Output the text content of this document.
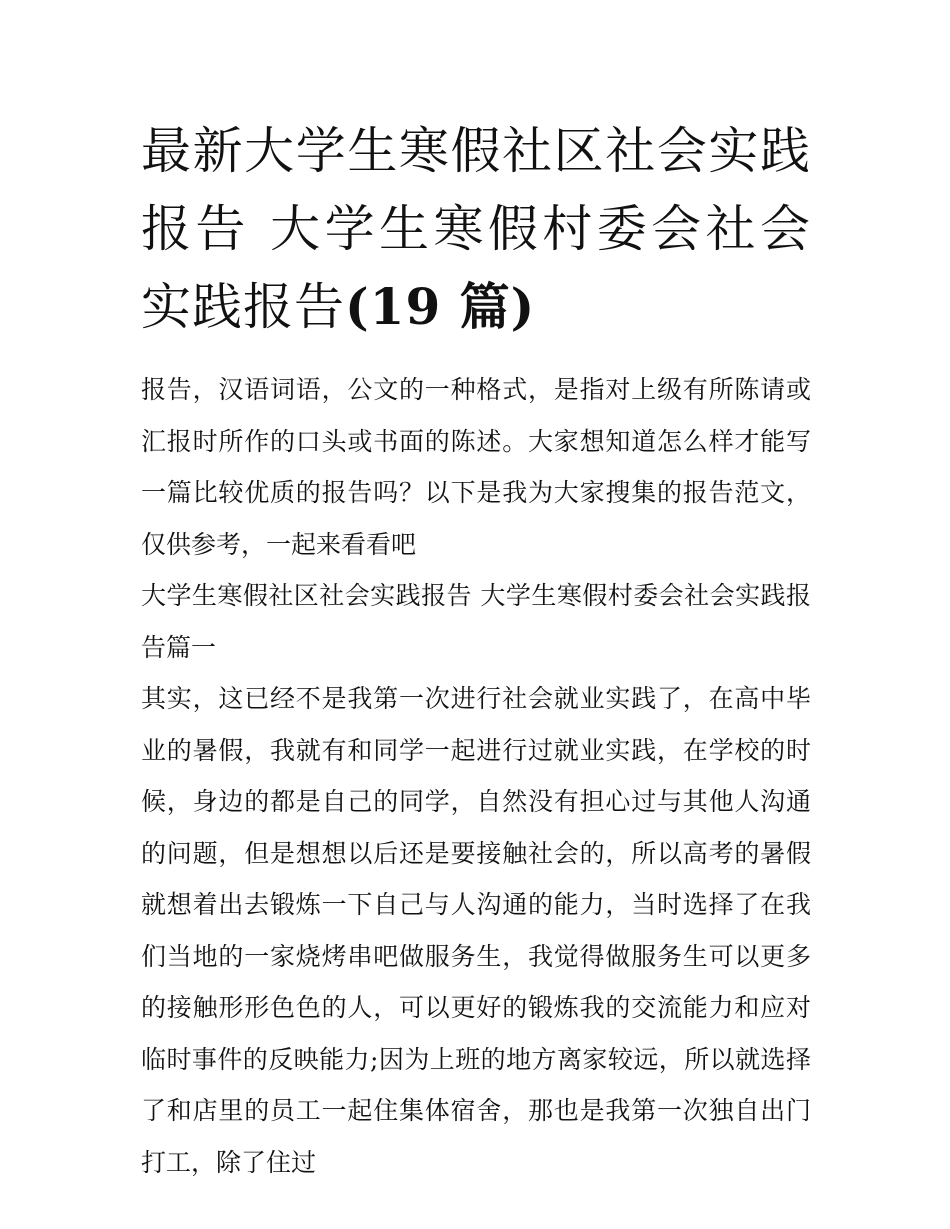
最新大学生寒假社区社会实践报告 大学生寒假村委会社会实践报告(19 篇)

报告，汉语词语，公文的一种格式，是指对上级有所陈请或汇报时所作的口头或书面的陈述。大家想知道怎么样才能写一篇比较优质的报告吗？以下是我为大家搜集的报告范文，仅供参考，一起来看看吧

大学生寒假社区社会实践报告 大学生寒假村委会社会实践报告篇一

其实，这已经不是我第一次进行社会就业实践了，在高中毕业的暑假，我就有和同学一起进行过就业实践，在学校的时候，身边的都是自己的同学，自然没有担心过与其他人沟通的问题，但是想想以后还是要接触社会的，所以高考的暑假就想着出去锻炼一下自己与人沟通的能力，当时选择了在我们当地的一家烧烤串吧做服务生，我觉得做服务生可以更多的接触形形色色的人，可以更好的锻炼我的交流能力和应对临时事件的反映能力;因为上班的地方离家较远，所以就选择了和店里的员工一起住集体宿舍，那也是我第一次独自出门打工，除了住过
